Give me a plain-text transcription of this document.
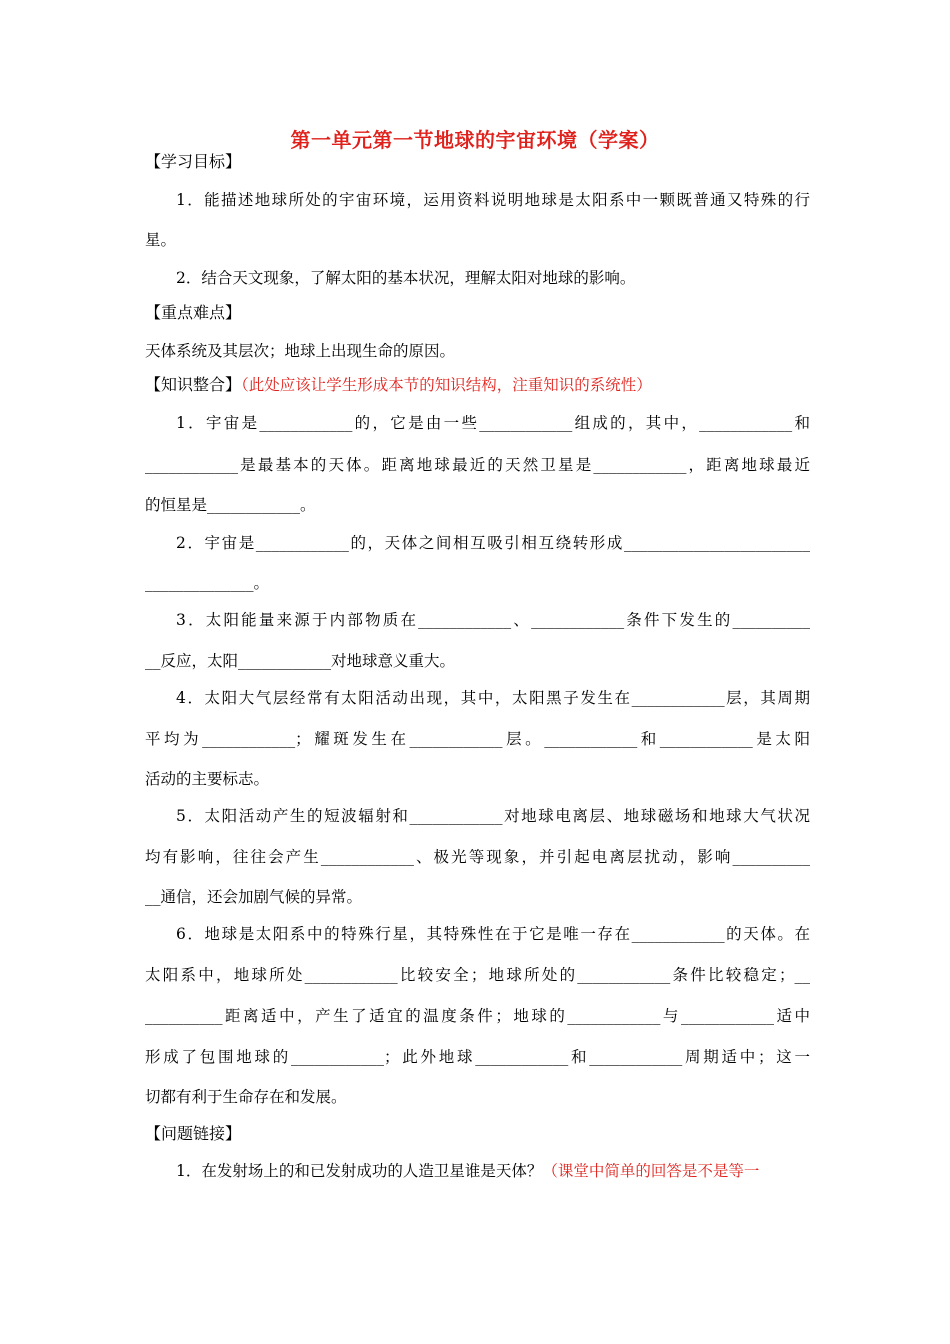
第一单元第一节地球的宇宙环境（学案）
【学习目标】
1．能描述地球所处的宇宙环境，运用资料说明地球是太阳系中一颗既普通又特殊的行
星。
2．结合天文现象，了解太阳的基本状况，理解太阳对地球的影响。
【重点难点】
天体系统及其层次；地球上出现生命的原因。
【知识整合】（此处应该让学生形成本节的知识结构，注重知识的系统性）
1．宇宙是____________的，它是由一些____________组成的，其中，____________和
____________是最基本的天体。距离地球最近的天然卫星是____________，距离地球最近
的恒星是____________。
2．宇宙是____________的，天体之间相互吸引相互绕转形成________________________
______________。
3．太阳能量来源于内部物质在____________、____________条件下发生的__________
__反应，太阳____________对地球意义重大。
4．太阳大气层经常有太阳活动出现，其中，太阳黑子发生在____________层，其周期
平均为____________；耀斑发生在____________层。____________和____________是太阳
活动的主要标志。
5．太阳活动产生的短波辐射和____________对地球电离层、地球磁场和地球大气状况
均有影响，往往会产生____________、极光等现象，并引起电离层扰动，影响__________
__通信，还会加剧气候的异常。
6．地球是太阳系中的特殊行星，其特殊性在于它是唯一存在____________的天体。在
太阳系中，地球所处____________比较安全；地球所处的____________条件比较稳定；__
__________距离适中，产生了适宜的温度条件；地球的____________与____________适中
形成了包围地球的____________；此外地球____________和____________周期适中；这一
切都有利于生命存在和发展。
【问题链接】
1．在发射场上的和已发射成功的人造卫星谁是天体？（课堂中简单的回答是不是等一
